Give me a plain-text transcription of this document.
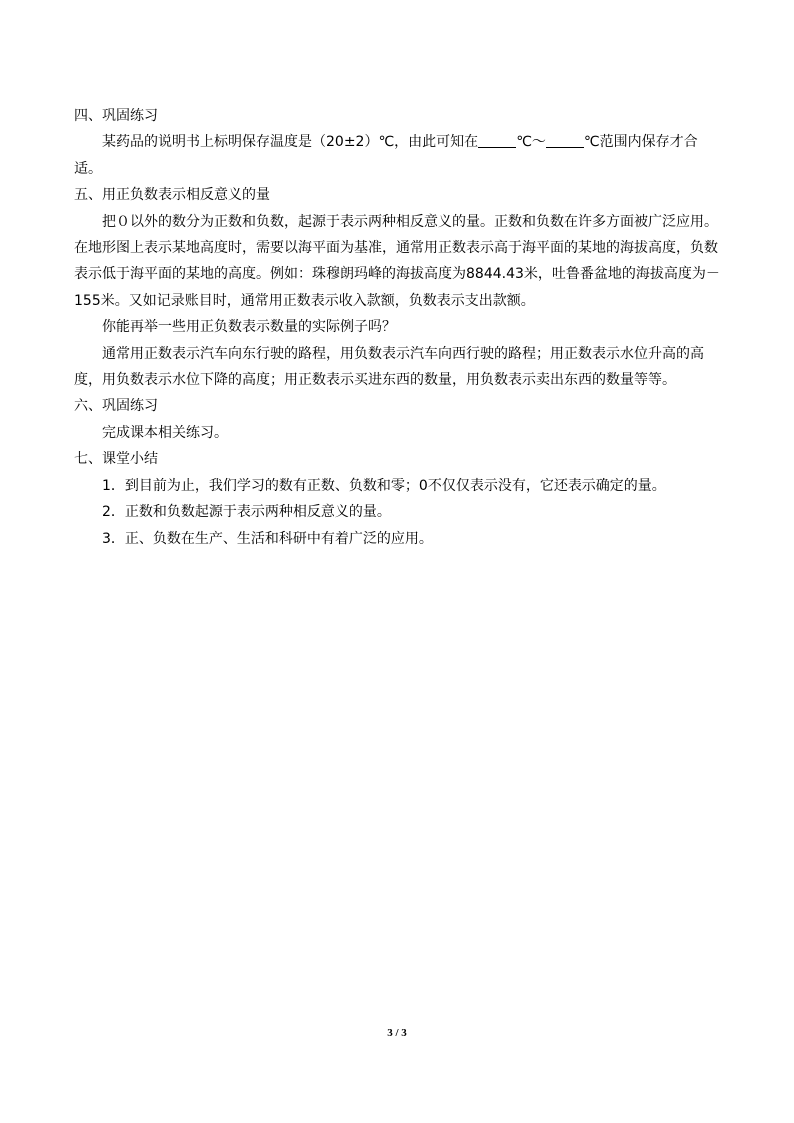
四、巩固练习

某药品的说明书上标明保存温度是（20±2）℃，由此可知在	℃～	℃范围内保存才合适。

五、用正负数表示相反意义的量

把０以外的数分为正数和负数，起源于表示两种相反意义的量。正数和负数在许多方面被广泛应用。在地形图上表示某地高度时，需要以海平面为基准，通常用正数表示高于海平面的某地的海拔高度，负数表示低于海平面的某地的高度。例如：珠穆朗玛峰的海拔高度为8844.43米，吐鲁番盆地的海拔高度为－155米。又如记录账目时，通常用正数表示收入款额，负数表示支出款额。

你能再举一些用正负数表示数量的实际例子吗？

通常用正数表示汽车向东行驶的路程，用负数表示汽车向西行驶的路程；用正数表示水位升高的高度，用负数表示水位下降的高度；用正数表示买进东西的数量，用负数表示卖出东西的数量等等。

六、巩固练习

完成课本相关练习。

七、课堂小结

1．到目前为止，我们学习的数有正数、负数和零；0不仅仅表示没有，它还表示确定的量。

2．正数和负数起源于表示两种相反意义的量。

3．正、负数在生产、生活和科研中有着广泛的应用。

3 / 3
